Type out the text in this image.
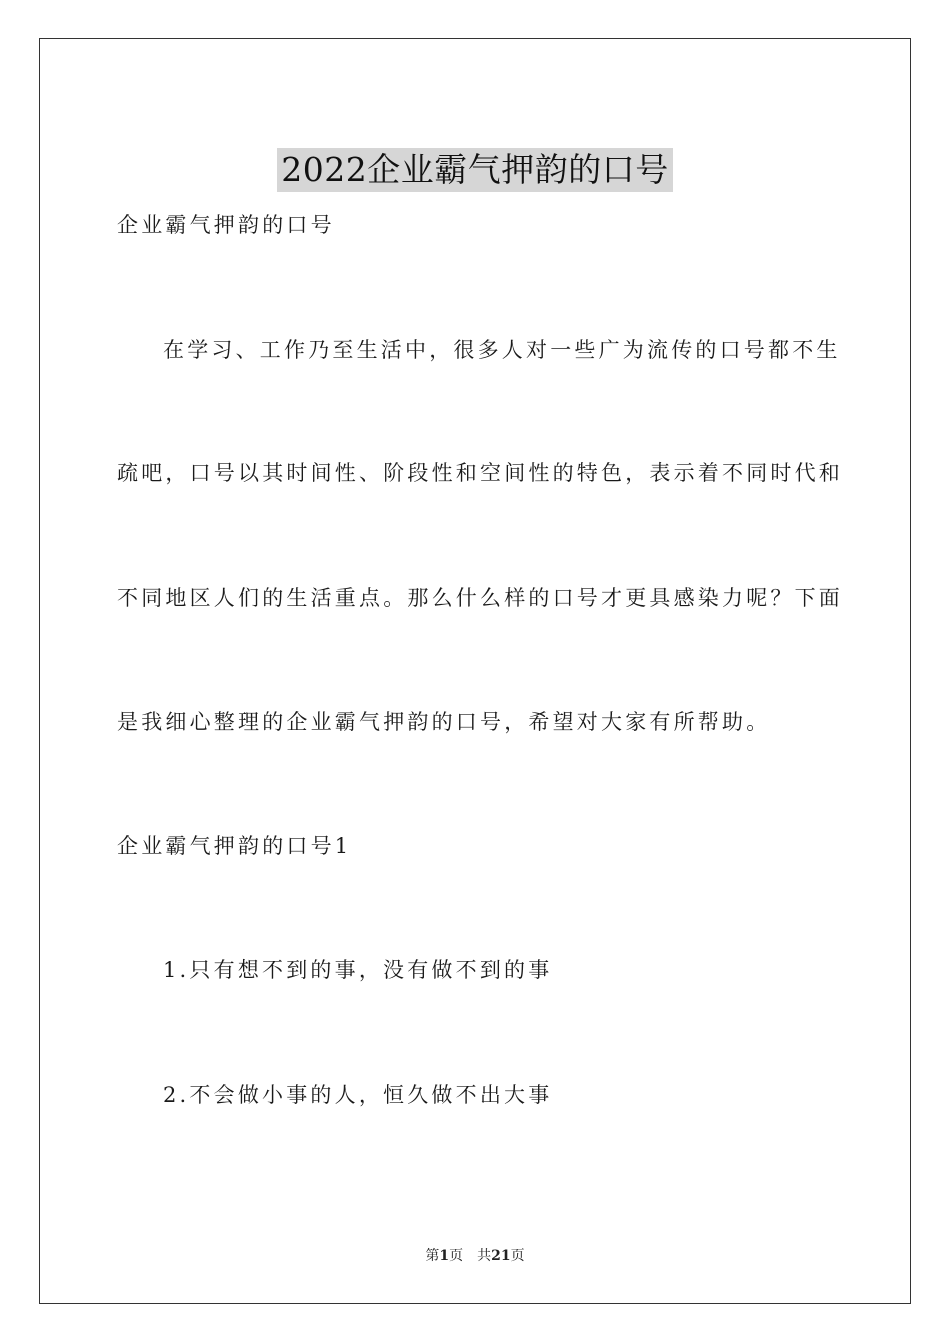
2022企业霸气押韵的口号
企业霸气押韵的口号
在学习、工作乃至生活中，很多人对一些广为流传的口号都不生
疏吧，口号以其时间性、阶段性和空间性的特色，表示着不同时代和
不同地区人们的生活重点。那么什么样的口号才更具感染力呢？下面
是我细心整理的企业霸气押韵的口号，希望对大家有所帮助。
企业霸气押韵的口号1
1.只有想不到的事，没有做不到的事
2.不会做小事的人，恒久做不出大事
第1页 共21页
